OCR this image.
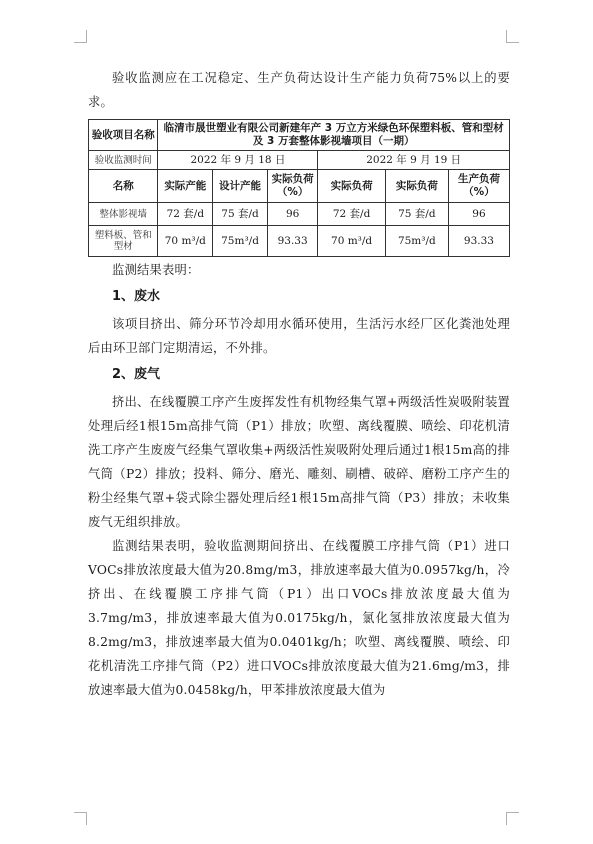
验收监测应在工况稳定、生产负荷达设计生产能力负荷75%以上的要求。

验收项目名称	临清市晟世塑业有限公司新建年产 3 万立方米绿色环保塑料板、管和型材及 3 万套整体影视墙项目（一期）					
验收监测时间	2022 年 9 月 18 日			2022 年 9 月 19 日		
名称	实际产能	设计产能	实际负荷（%）	实际负荷	实际负荷	生产负荷（%）
整体影视墙	72 套/d	75 套/d	96	72 套/d	75 套/d	96
塑料板、管和型材	70 m³/d	75m³/d	93.33	70 m³/d	75m³/d	93.33

监测结果表明：

1、废水

该项目挤出、筛分环节冷却用水循环使用，生活污水经厂区化粪池处理后由环卫部门定期清运，不外排。

2、废气

挤出、在线覆膜工序产生废挥发性有机物经集气罩+两级活性炭吸附装置处理后经1根15m高排气筒（P1）排放；吹塑、离线覆膜、喷绘、印花机清洗工序产生废废气经集气罩收集+两级活性炭吸附处理后通过1根15m高的排气筒（P2）排放；投料、筛分、磨光、雕刻、刷槽、破碎、磨粉工序产生的粉尘经集气罩+袋式除尘器处理后经1根15m高排气筒（P3）排放；未收集废气无组织排放。

监测结果表明，验收监测期间挤出、在线覆膜工序排气筒（P1）进口VOCs排放浓度最大值为20.8mg/m3，排放速率最大值为0.0957kg/h，冷挤出、在线覆膜工序排气筒（P1）出口VOCs排放浓度最大值为3.7mg/m3，排放速率最大值为0.0175kg/h，氯化氢排放浓度最大值为8.2mg/m3，排放速率最大值为0.0401kg/h；吹塑、离线覆膜、喷绘、印花机清洗工序排气筒（P2）进口VOCs排放浓度最大值为21.6mg/m3，排放速率最大值为0.0458kg/h，甲苯排放浓度最大值为
